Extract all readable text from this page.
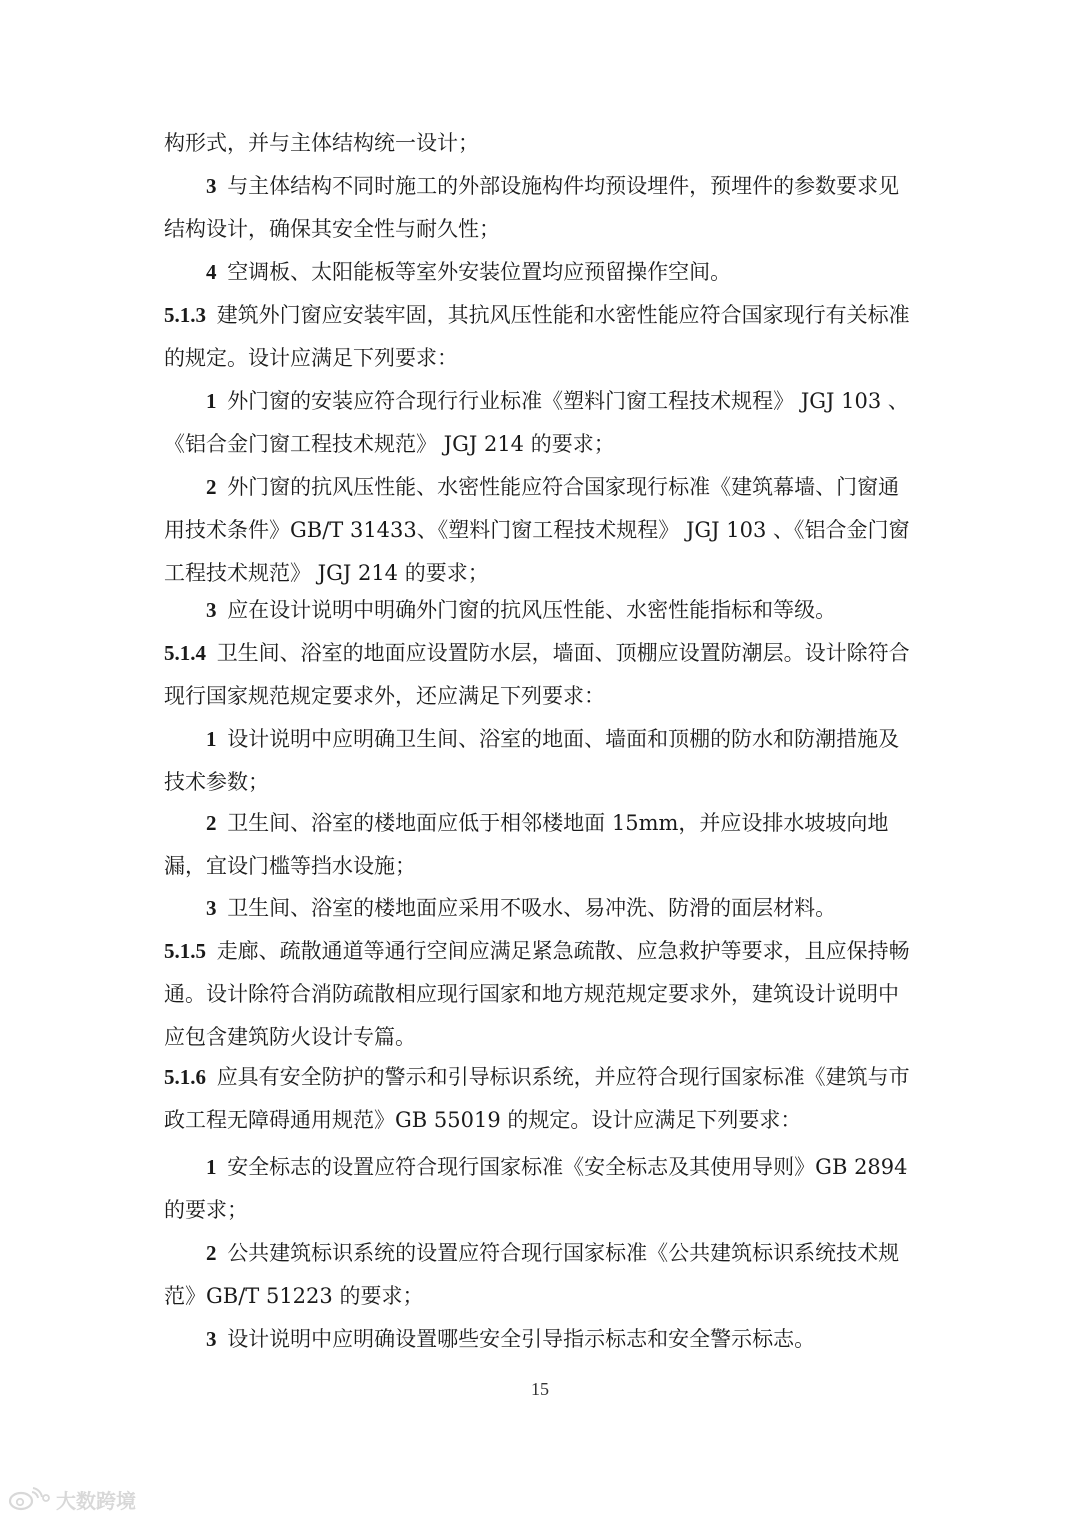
构形式，并与主体结构统一设计；

3 与主体结构不同时施工的外部设施构件均预设埋件，预埋件的参数要求见结构设计，确保其安全性与耐久性；

4 空调板、太阳能板等室外安装位置均应预留操作空间。

5.1.3 建筑外门窗应安装牢固，其抗风压性能和水密性能应符合国家现行有关标准的规定。设计应满足下列要求：

1 外门窗的安装应符合现行行业标准《塑料门窗工程技术规程》 JGJ 103 、《铝合金门窗工程技术规范》 JGJ 214 的要求；

2 外门窗的抗风压性能、水密性能应符合国家现行标准《建筑幕墙、门窗通用技术条件》GB/T 31433、《塑料门窗工程技术规程》 JGJ 103 、《铝合金门窗工程技术规范》 JGJ 214 的要求；

3 应在设计说明中明确外门窗的抗风压性能、水密性能指标和等级。

5.1.4 卫生间、浴室的地面应设置防水层，墙面、顶棚应设置防潮层。设计除符合现行国家规范规定要求外，还应满足下列要求：

1 设计说明中应明确卫生间、浴室的地面、墙面和顶棚的防水和防潮措施及技术参数；

2 卫生间、浴室的楼地面应低于相邻楼地面 15mm，并应设排水坡坡向地漏，宜设门槛等挡水设施；

3 卫生间、浴室的楼地面应采用不吸水、易冲洗、防滑的面层材料。

5.1.5 走廊、疏散通道等通行空间应满足紧急疏散、应急救护等要求，且应保持畅通。设计除符合消防疏散相应现行国家和地方规范规定要求外，建筑设计说明中应包含建筑防火设计专篇。

5.1.6 应具有安全防护的警示和引导标识系统，并应符合现行国家标准《建筑与市政工程无障碍通用规范》GB 55019 的规定。设计应满足下列要求：

1 安全标志的设置应符合现行国家标准《安全标志及其使用导则》GB 2894 的要求；

2 公共建筑标识系统的设置应符合现行国家标准《公共建筑标识系统技术规范》GB/T 51223 的要求；

3 设计说明中应明确设置哪些安全引导指示标志和安全警示标志。

15
大数跨境
